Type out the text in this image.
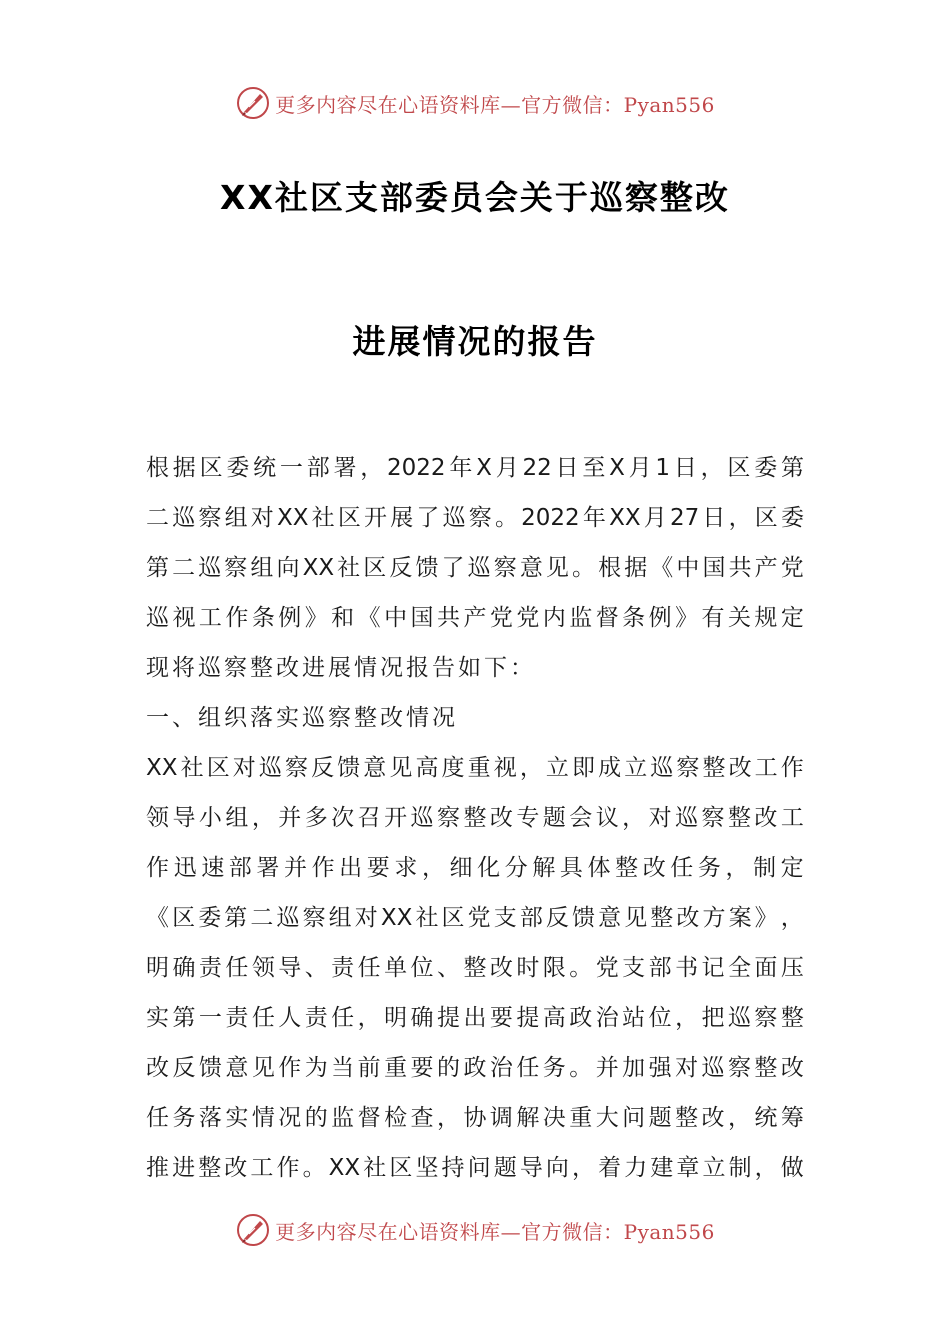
更多内容尽在心语资料库—官方微信：Pyan556
XX社区支部委员会关于巡察整改
进展情况的报告
根 据 区 委 统 一 部 署 ， 2022 年 X 月 22 日 至 X 月 1 日 ， 区 委 第
二 巡 察 组 对 XX 社 区 开 展 了 巡 察 。 2022 年 XX 月 27 日 ， 区 委
第 二 巡 察 组 向 XX 社 区 反 馈 了 巡 察 意 见 。 根 据 《 中 国 共 产 党
巡 视 工 作 条 例 》 和 《 中 国 共 产 党 党 内 监 督 条 例 》 有 关 规 定
现将巡察整改进展情况报告如下：
一、组织落实巡察整改情况
XX 社 区 对 巡 察 反 馈 意 见 高 度 重 视 ， 立 即 成 立 巡 察 整 改 工 作
领 导 小 组 ， 并 多 次 召 开 巡 察 整 改 专 题 会 议 ， 对 巡 察 整 改 工
作 迅 速 部 署 并 作 出 要 求 ， 细 化 分 解 具 体 整 改 任 务 ， 制 定
《 区 委 第 二 巡 察 组 对 XX 社 区 党 支 部 反 馈 意 见 整 改 方 案 》 ，
明 确 责 任 领 导 、 责 任 单 位 、 整 改 时 限 。 党 支 部 书 记 全 面 压
实 第 一 责 任 人 责 任 ， 明 确 提 出 要 提 高 政 治 站 位 ， 把 巡 察 整
改 反 馈 意 见 作 为 当 前 重 要 的 政 治 任 务 。 并 加 强 对 巡 察 整 改
任 务 落 实 情 况 的 监 督 检 查 ， 协 调 解 决 重 大 问 题 整 改 ， 统 筹
推 进 整 改 工 作 。 XX 社 区 坚 持 问 题 导 向 ， 着 力 建 章 立 制 ， 做
更多内容尽在心语资料库—官方微信：Pyan556
